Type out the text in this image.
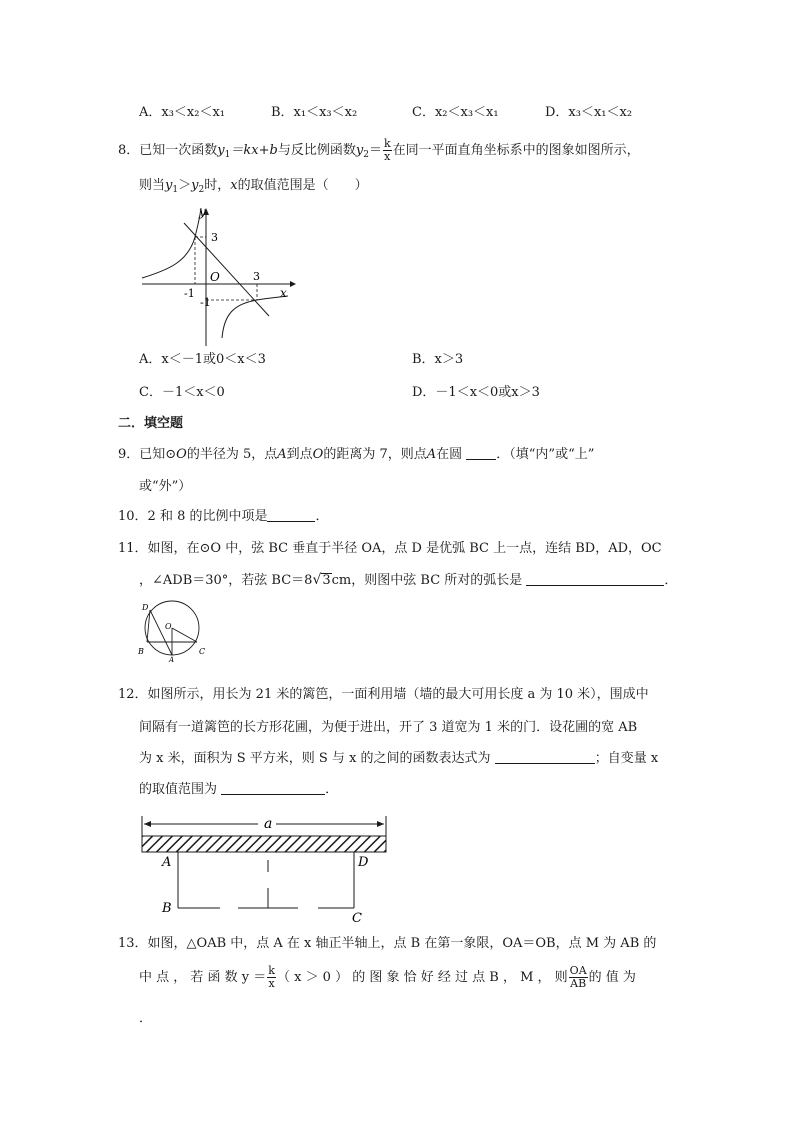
A．x₃＜x₂＜x₁	B．x₁＜x₃＜x₂	C．x₂＜x₃＜x₁	D．x₃＜x₁＜x₂
8．已知一次函数$y_1=kx+b$与反比例函数$y_2= \frac{k}{x}$ 在同一平面直角坐标系中的图象如图所示，
则当$y_1>y_2$时，x的取值范围是（　　）
y
x
O
3
3
-1
-1
A．x＜－1或0＜x＜3	B．x＞3
C．－1＜x＜0	D．－1＜x＜0或x＞3
二．填空题
9．已知⊙O的半径为 5，点A到点O的距离为 7，则点A在圆	．（填“内”或“上”
或“外”）
10．2 和 8 的比例中项是	．
11．如图，在⊙O 中，弦 BC 垂直于半径 OA，点 D 是优弧 BC 上一点，连结 BD，AD，OC
，∠ADB＝30°，若弦 BC＝8√3cm，则图中弦 BC 所对的弧长是	．
D
O
B
A
C
12．如图所示，用长为 21 米的篱笆，一面利用墙（墙的最大可用长度 a 为 10 米），围成中
间隔有一道篱笆的长方形花圃，为便于进出，开了 3 道宽为 1 米的门．设花圃的宽 AB
为 x 米，面积为 S 平方米，则 S 与 x 的之间的函数表达式为	；自变量 x
的取值范围为	．
a
A	D
B
C
13．如图，△OAB 中，点 A 在 x 轴正半轴上，点 B 在第一象限，OA＝OB，点 M 为 AB 的
中 点 ， 若 函 数 $y = \frac{k}{x}$ （ x ＞ 0 ） 的 图 象 恰 好 经 过 点 B ， M ， 则 $\frac{OA}{AB}$ 的 值 为
．
